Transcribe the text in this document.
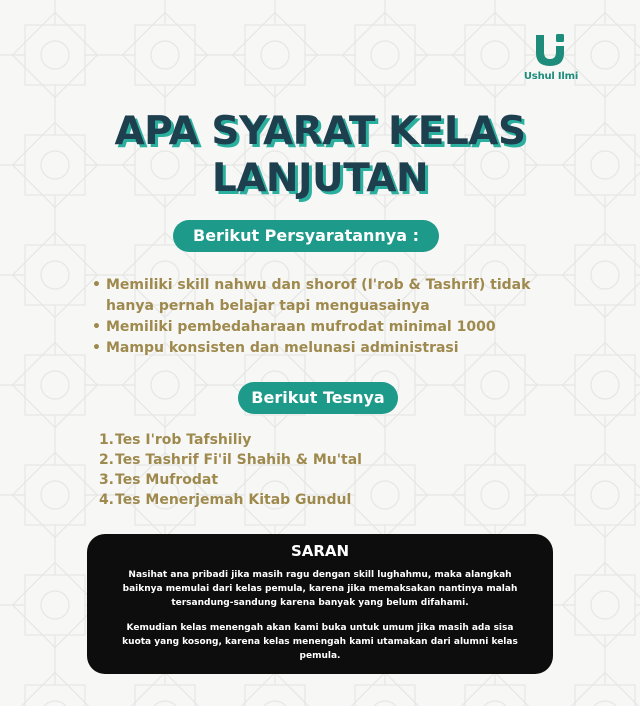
Ushul Ilmi
APA SYARAT KELAS
LANJUTAN
Berikut Persyaratannya :
• Memiliki skill nahwu dan shorof (I'rob & Tashrif) tidak hanya pernah belajar tapi menguasainya
• Memiliki pembedaharaan mufrodat minimal 1000
• Mampu konsisten dan melunasi administrasi
Berikut Tesnya
1.Tes I'rob Tafshiliy
2.Tes Tashrif Fi'il Shahih & Mu'tal
3.Tes Mufrodat
4.Tes Menerjemah Kitab Gundul
SARAN
Nasihat ana pribadi jika masih ragu dengan skill lughahmu, maka alangkah baiknya memulai dari kelas pemula, karena jika memaksakan nantinya malah tersandung-sandung karena banyak yang belum difahami.
Kemudian kelas menengah akan kami buka untuk umum jika masih ada sisa kuota yang kosong, karena kelas menengah kami utamakan dari alumni kelas pemula.
